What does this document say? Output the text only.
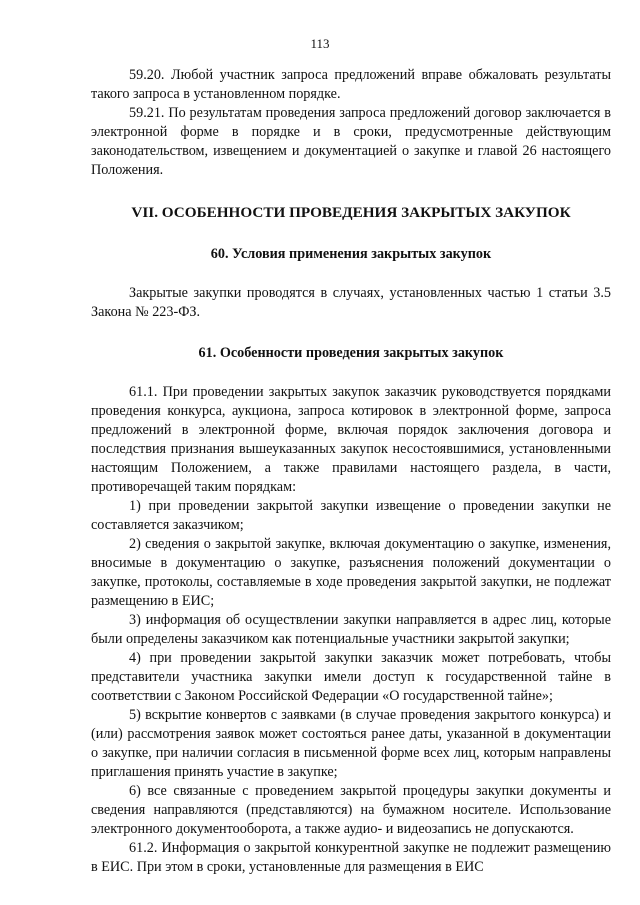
113

59.20. Любой участник запроса предложений вправе обжаловать результаты такого запроса в установленном порядке.

59.21. По результатам проведения запроса предложений договор заключается в электронной форме в порядке и в сроки, предусмотренные действующим законодательством, извещением и документацией о закупке и главой 26 настоящего Положения.

VII. ОСОБЕННОСТИ ПРОВЕДЕНИЯ ЗАКРЫТЫХ ЗАКУПОК
60. Условия применения закрытых закупок

Закрытые закупки проводятся в случаях, установленных частью 1 статьи 3.5 Закона № 223-ФЗ.

61. Особенности проведения закрытых закупок

61.1. При проведении закрытых закупок заказчик руководствуется порядками проведения конкурса, аукциона, запроса котировок в электронной форме, запроса предложений в электронной форме, включая порядок заключения договора и последствия признания вышеуказанных закупок несостоявшимися, установленными настоящим Положением, а также правилами настоящего раздела, в части, противоречащей таким порядкам:

1) при проведении закрытой закупки извещение о проведении закупки не составляется заказчиком;

2) сведения о закрытой закупке, включая документацию о закупке, изменения, вносимые в документацию о закупке, разъяснения положений документации о закупке, протоколы, составляемые в ходе проведения закрытой закупки, не подлежат размещению в ЕИС;

3) информация об осуществлении закупки направляется в адрес лиц, которые были определены заказчиком как потенциальные участники закрытой закупки;

4) при проведении закрытой закупки заказчик может потребовать, чтобы представители участника закупки имели доступ к государственной тайне в соответствии с Законом Российской Федерации «О государственной тайне»;

5) вскрытие конвертов с заявками (в случае проведения закрытого конкурса) и (или) рассмотрения заявок может состояться ранее даты, указанной в документации о закупке, при наличии согласия в письменной форме всех лиц, которым направлены приглашения принять участие в закупке;

6) все связанные с проведением закрытой процедуры закупки документы и сведения направляются (представляются) на бумажном носителе. Использование электронного документооборота, а также аудио- и видеозапись не допускаются.

61.2. Информация о закрытой конкурентной закупке не подлежит размещению в ЕИС. При этом в сроки, установленные для размещения в ЕИС
